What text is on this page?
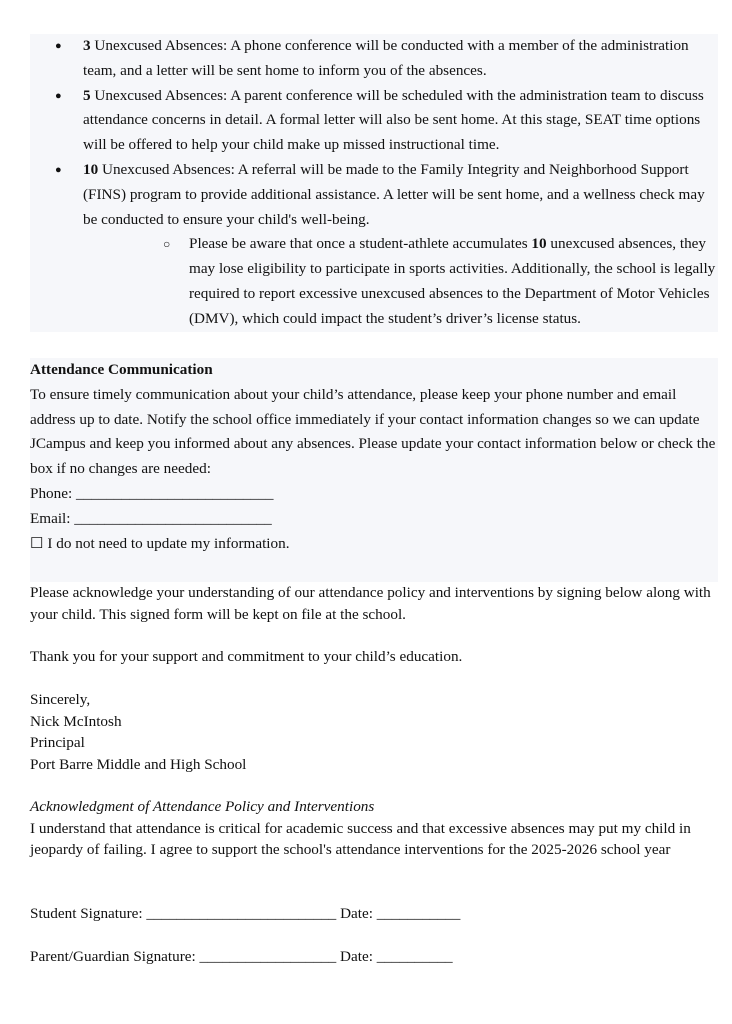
● 3 Unexcused Absences: A phone conference will be conducted with a member of the administration team, and a letter will be sent home to inform you of the absences.
● 5 Unexcused Absences: A parent conference will be scheduled with the administration team to discuss attendance concerns in detail. A formal letter will also be sent home. At this stage, SEAT time options will be offered to help your child make up missed instructional time.
● 10 Unexcused Absences: A referral will be made to the Family Integrity and Neighborhood Support (FINS) program to provide additional assistance. A letter will be sent home, and a wellness check may be conducted to ensure your child's well-being.
○ Please be aware that once a student-athlete accumulates 10 unexcused absences, they may lose eligibility to participate in sports activities. Additionally, the school is legally required to report excessive unexcused absences to the Department of Motor Vehicles (DMV), which could impact the student’s driver’s license status.
Attendance Communication
To ensure timely communication about your child’s attendance, please keep your phone number and email address up to date. Notify the school office immediately if your contact information changes so we can update JCampus and keep you informed about any absences. Please update your contact information below or check the box if no changes are needed:
Phone: __________________________
Email: __________________________
☐ I do not need to update my information.
Please acknowledge your understanding of our attendance policy and interventions by signing below along with your child. This signed form will be kept on file at the school.
Thank you for your support and commitment to your child’s education.
Sincerely,
Nick McIntosh
Principal
Port Barre Middle and High School
Acknowledgment of Attendance Policy and Interventions
I understand that attendance is critical for academic success and that excessive absences may put my child in jeopardy of failing. I agree to support the school's attendance interventions for the 2025-2026 school year
Student Signature: _________________________ Date: ___________
Parent/Guardian Signature: __________________ Date: __________
